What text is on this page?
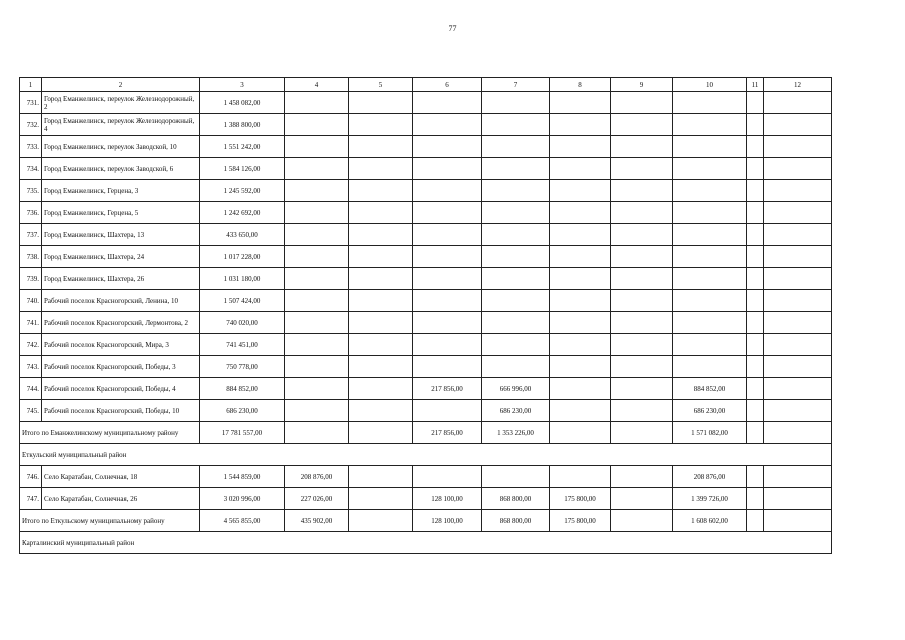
77
1	2	3	4	5	6	7	8	9	10	11	12
731.	Город Еманжелинск, переулок Железнодорожный, 2	1 458 082,00									
732.	Город Еманжелинск, переулок Железнодорожный, 4	1 388 800,00									
733.	Город Еманжелинск, переулок Заводской, 10	1 551 242,00									
734.	Город Еманжелинск, переулок Заводской, 6	1 584 126,00									
735.	Город Еманжелинск, Герцена, 3	1 245 592,00									
736.	Город Еманжелинск, Герцена, 5	1 242 692,00									
737.	Город Еманжелинск, Шахтера, 13	433 650,00									
738.	Город Еманжелинск, Шахтера, 24	1 017 228,00									
739.	Город Еманжелинск, Шахтера, 26	1 031 180,00									
740.	Рабочий поселок Красногорский, Ленина, 10	1 507 424,00									
741.	Рабочий поселок Красногорский, Лермонтова, 2	740 020,00									
742.	Рабочий поселок Красногорский, Мира, 3	741 451,00									
743.	Рабочий поселок Красногорский, Победы, 3	750 778,00									
744.	Рабочий поселок Красногорский, Победы, 4	884 852,00			217 856,00	666 996,00			884 852,00		
745.	Рабочий поселок Красногорский, Победы, 10	686 230,00				686 230,00			686 230,00		
Итого по Еманжелинскому муниципальному району		17 781 557,00			217 856,00	1 353 226,00			1 571 082,00		
Еткульский муниципальный район											
746.	Село Каратабан, Солнечная, 18	1 544 859,00	208 876,00						208 876,00		
747.	Село Каратабан, Солнечная, 26	3 020 996,00	227 026,00		128 100,00	868 800,00	175 800,00		1 399 726,00		
Итого по Еткульскому муниципальному району		4 565 855,00	435 902,00		128 100,00	868 800,00	175 800,00		1 608 602,00		
Карталинский муниципальный район											
